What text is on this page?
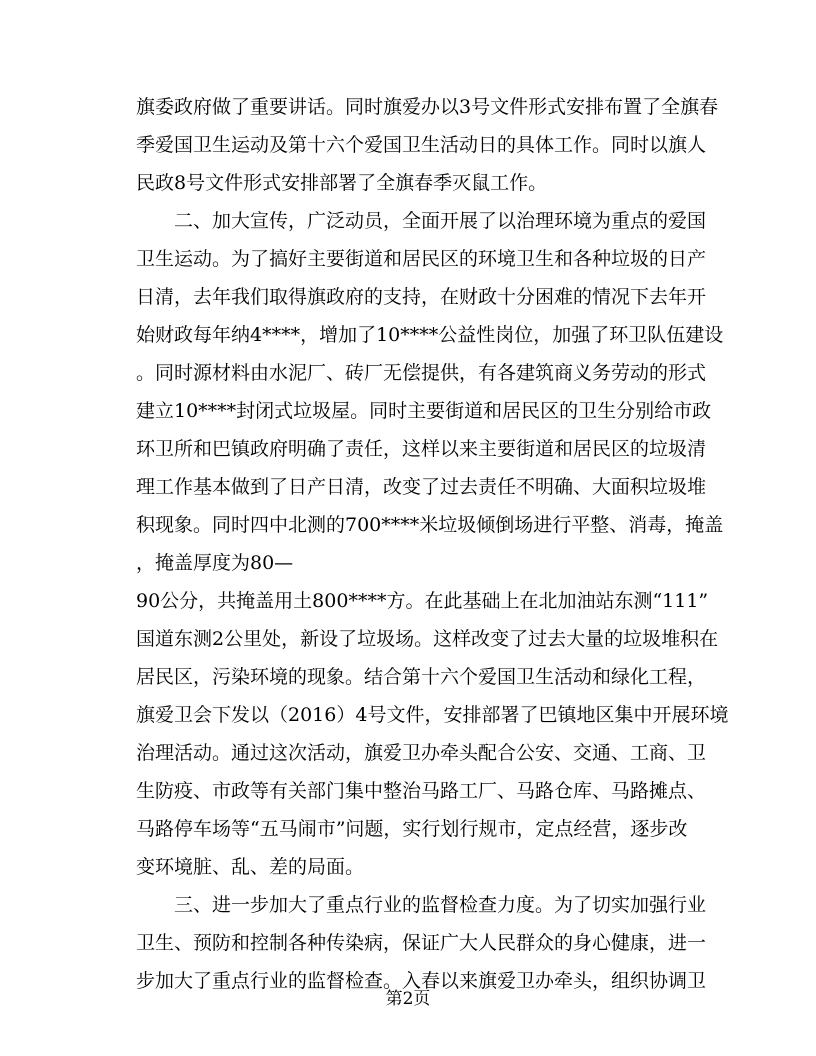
旗委政府做了重要讲话。同时旗爱办以3号文件形式安排布置了全旗春
季爱国卫生运动及第十六个爱国卫生活动日的具体工作。同时以旗人
民政8号文件形式安排部署了全旗春季灭鼠工作。
二、加大宣传，广泛动员，全面开展了以治理环境为重点的爱国
卫生运动。为了搞好主要街道和居民区的环境卫生和各种垃圾的日产
日清，去年我们取得旗政府的支持，在财政十分困难的情况下去年开
始财政每年纳4****，增加了10****公益性岗位，加强了环卫队伍建设
。同时源材料由水泥厂、砖厂无偿提供，有各建筑商义务劳动的形式
建立10****封闭式垃圾屋。同时主要街道和居民区的卫生分别给市政
环卫所和巴镇政府明确了责任，这样以来主要街道和居民区的垃圾清
理工作基本做到了日产日清，改变了过去责任不明确、大面积垃圾堆
积现象。同时四中北测的700****米垃圾倾倒场进行平整、消毒，掩盖
，掩盖厚度为80—
90公分，共掩盖用土800****方。在此基础上在北加油站东测“111”
国道东测2公里处，新设了垃圾场。这样改变了过去大量的垃圾堆积在
居民区，污染环境的现象。结合第十六个爱国卫生活动和绿化工程，
旗爱卫会下发以（2016）4号文件，安排部署了巴镇地区集中开展环境
治理活动。通过这次活动，旗爱卫办牵头配合公安、交通、工商、卫
生防疫、市政等有关部门集中整治马路工厂、马路仓库、马路摊点、
马路停车场等“五马闹市”问题，实行划行规市，定点经营，逐步改
变环境脏、乱、差的局面。
三、进一步加大了重点行业的监督检查力度。为了切实加强行业
卫生、预防和控制各种传染病，保证广大人民群众的身心健康，进一
步加大了重点行业的监督检查。入春以来旗爱卫办牵头，组织协调卫
第2页
